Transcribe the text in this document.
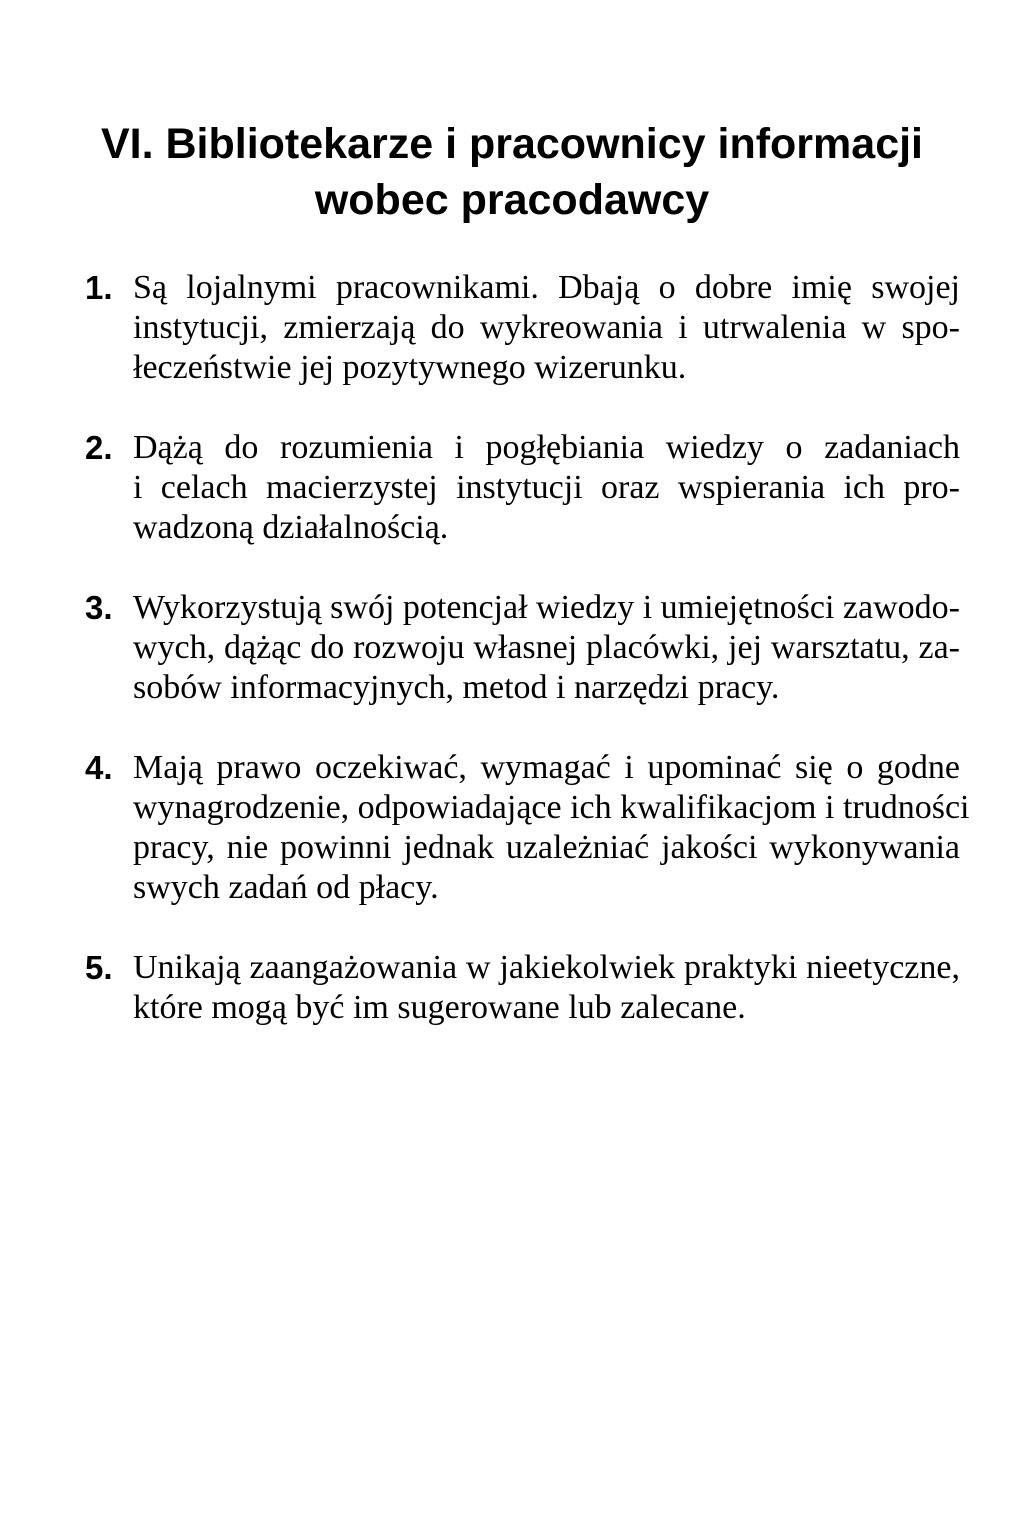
VI. Bibliotekarze i pracownicy informacji
wobec pracodawcy
1. Są lojalnymi pracownikami. Dbają o dobre imię swojej
instytucji, zmierzają do wykreowania i utrwalenia w spo-
łeczeństwie jej pozytywnego wizerunku.
2. Dążą do rozumienia i pogłębiania wiedzy o zadaniach
i celach macierzystej instytucji oraz wspierania ich pro-
wadzoną działalnością.
3. Wykorzystują swój potencjał wiedzy i umiejętności zawodo-
wych, dążąc do rozwoju własnej placówki, jej warsztatu, za-
sobów informacyjnych, metod i narzędzi pracy.
4. Mają prawo oczekiwać, wymagać i upominać się o godne
wynagrodzenie, odpowiadające ich kwalifikacjom i trudności
pracy, nie powinni jednak uzależniać jakości wykonywania
swych zadań od płacy.
5. Unikają zaangażowania w jakiekolwiek praktyki nieetyczne,
które mogą być im sugerowane lub zalecane.
